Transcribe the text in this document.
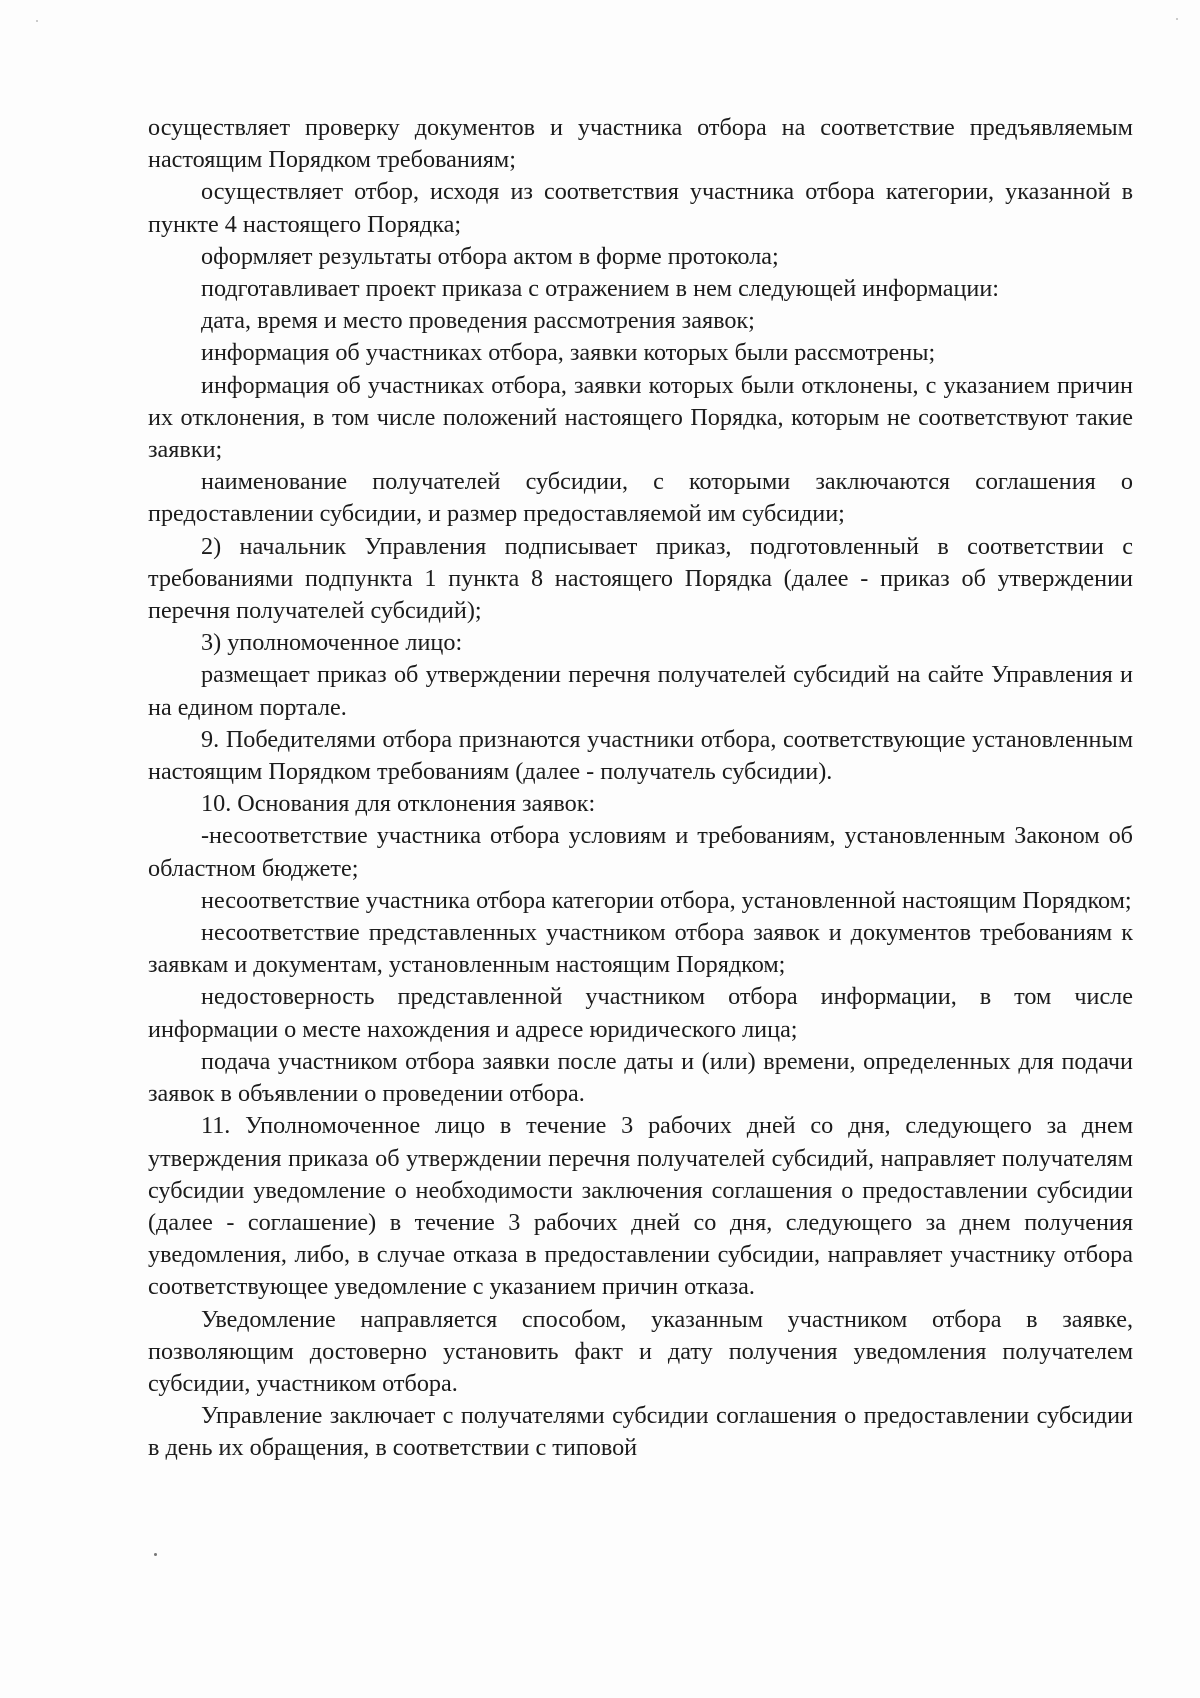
осуществляет проверку документов и участника отбора на соответствие предъявляемым настоящим Порядком требованиям;

осуществляет отбор, исходя из соответствия участника отбора категории, указанной в пункте 4 настоящего Порядка;

оформляет результаты отбора актом в форме протокола;

подготавливает проект приказа с отражением в нем следующей информации:

дата, время и место проведения рассмотрения заявок;

информация об участниках отбора, заявки которых были рассмотрены;

информация об участниках отбора, заявки которых были отклонены, с указанием причин их отклонения, в том числе положений настоящего Порядка, которым не соответствуют такие заявки;

наименование получателей субсидии, с которыми заключаются соглашения о предоставлении субсидии, и размер предоставляемой им субсидии;

2) начальник Управления подписывает приказ, подготовленный в соответствии с требованиями подпункта 1 пункта 8 настоящего Порядка (далее - приказ об утверждении перечня получателей субсидий);

3) уполномоченное лицо:

размещает приказ об утверждении перечня получателей субсидий на сайте Управления и на едином портале.

9. Победителями отбора признаются участники отбора, соответствующие установленным настоящим Порядком требованиям (далее - получатель субсидии).

10. Основания для отклонения заявок:

-несоответствие участника отбора условиям и требованиям, установленным Законом об областном бюджете;

несоответствие участника отбора категории отбора, установленной настоящим Порядком;

несоответствие представленных участником отбора заявок и документов требованиям к заявкам и документам, установленным настоящим Порядком;

недостоверность представленной участником отбора информации, в том числе информации о месте нахождения и адресе юридического лица;

подача участником отбора заявки после даты и (или) времени, определенных для подачи заявок в объявлении о проведении отбора.

11. Уполномоченное лицо в течение 3 рабочих дней со дня, следующего за днем утверждения приказа об утверждении перечня получателей субсидий, направляет получателям субсидии уведомление о необходимости заключения соглашения о предоставлении субсидии (далее - соглашение) в течение 3 рабочих дней со дня, следующего за днем получения уведомления, либо, в случае отказа в предоставлении субсидии, направляет участнику отбора соответствующее уведомление с указанием причин отказа.

Уведомление направляется способом, указанным участником отбора в заявке, позволяющим достоверно установить факт и дату получения уведомления получателем субсидии, участником отбора.

Управление заключает с получателями субсидии соглашения о предоставлении субсидии в день их обращения, в соответствии с типовой
